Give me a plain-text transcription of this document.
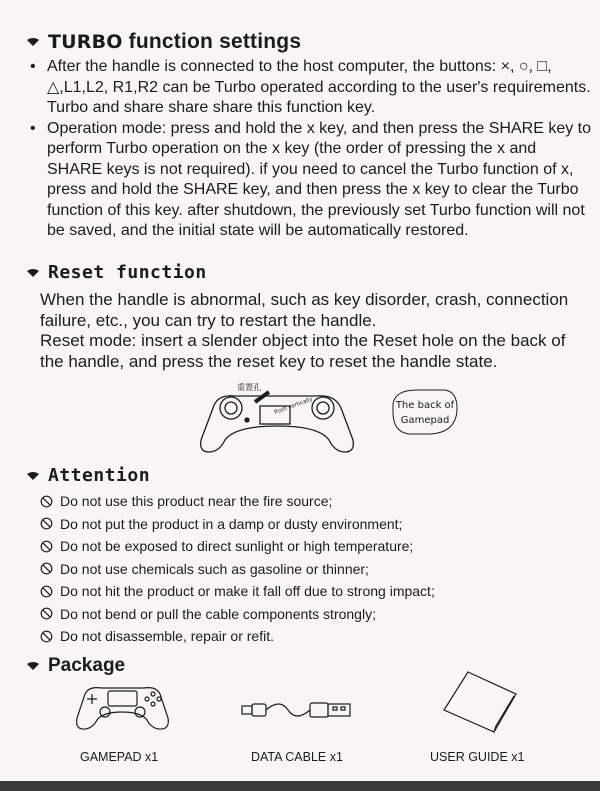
TURBO function settings
• After the handle is connected to the host computer, the buttons: ×, ○, □, △,L1,L2, R1,R2 can be Turbo operated according to the user's requirements. Turbo and share share share this function key.
• Operation mode: press and hold the x key, and then press the SHARE key to perform Turbo operation on the x key (the order of pressing the x and SHARE keys is not required). if you need to cancel the Turbo function of x, press and hold the SHARE key, and then press the x key to clear the Turbo function of this key. after shutdown, the previously set Turbo function will not be saved, and the initial state will be automatically restored.
Reset function
When the handle is abnormal, such as key disorder, crash, connection failure, etc., you can try to restart the handle.
Reset mode: insert a slender object into the Reset hole on the back of the handle, and press the reset key to reset the handle state.
重置孔
Push vertically	The back of
Gamepad
Attention
Do not use this product near the fire source;
Do not put the product in a damp or dusty environment;
Do not be exposed to direct sunlight or high temperature;
Do not use chemicals such as gasoline or thinner;
Do not hit the product or make it fall off due to strong impact;
Do not bend or pull the cable components strongly;
Do not disassemble, repair or refit.
Package
GAMEPAD x1	DATA CABLE x1	USER GUIDE x1
